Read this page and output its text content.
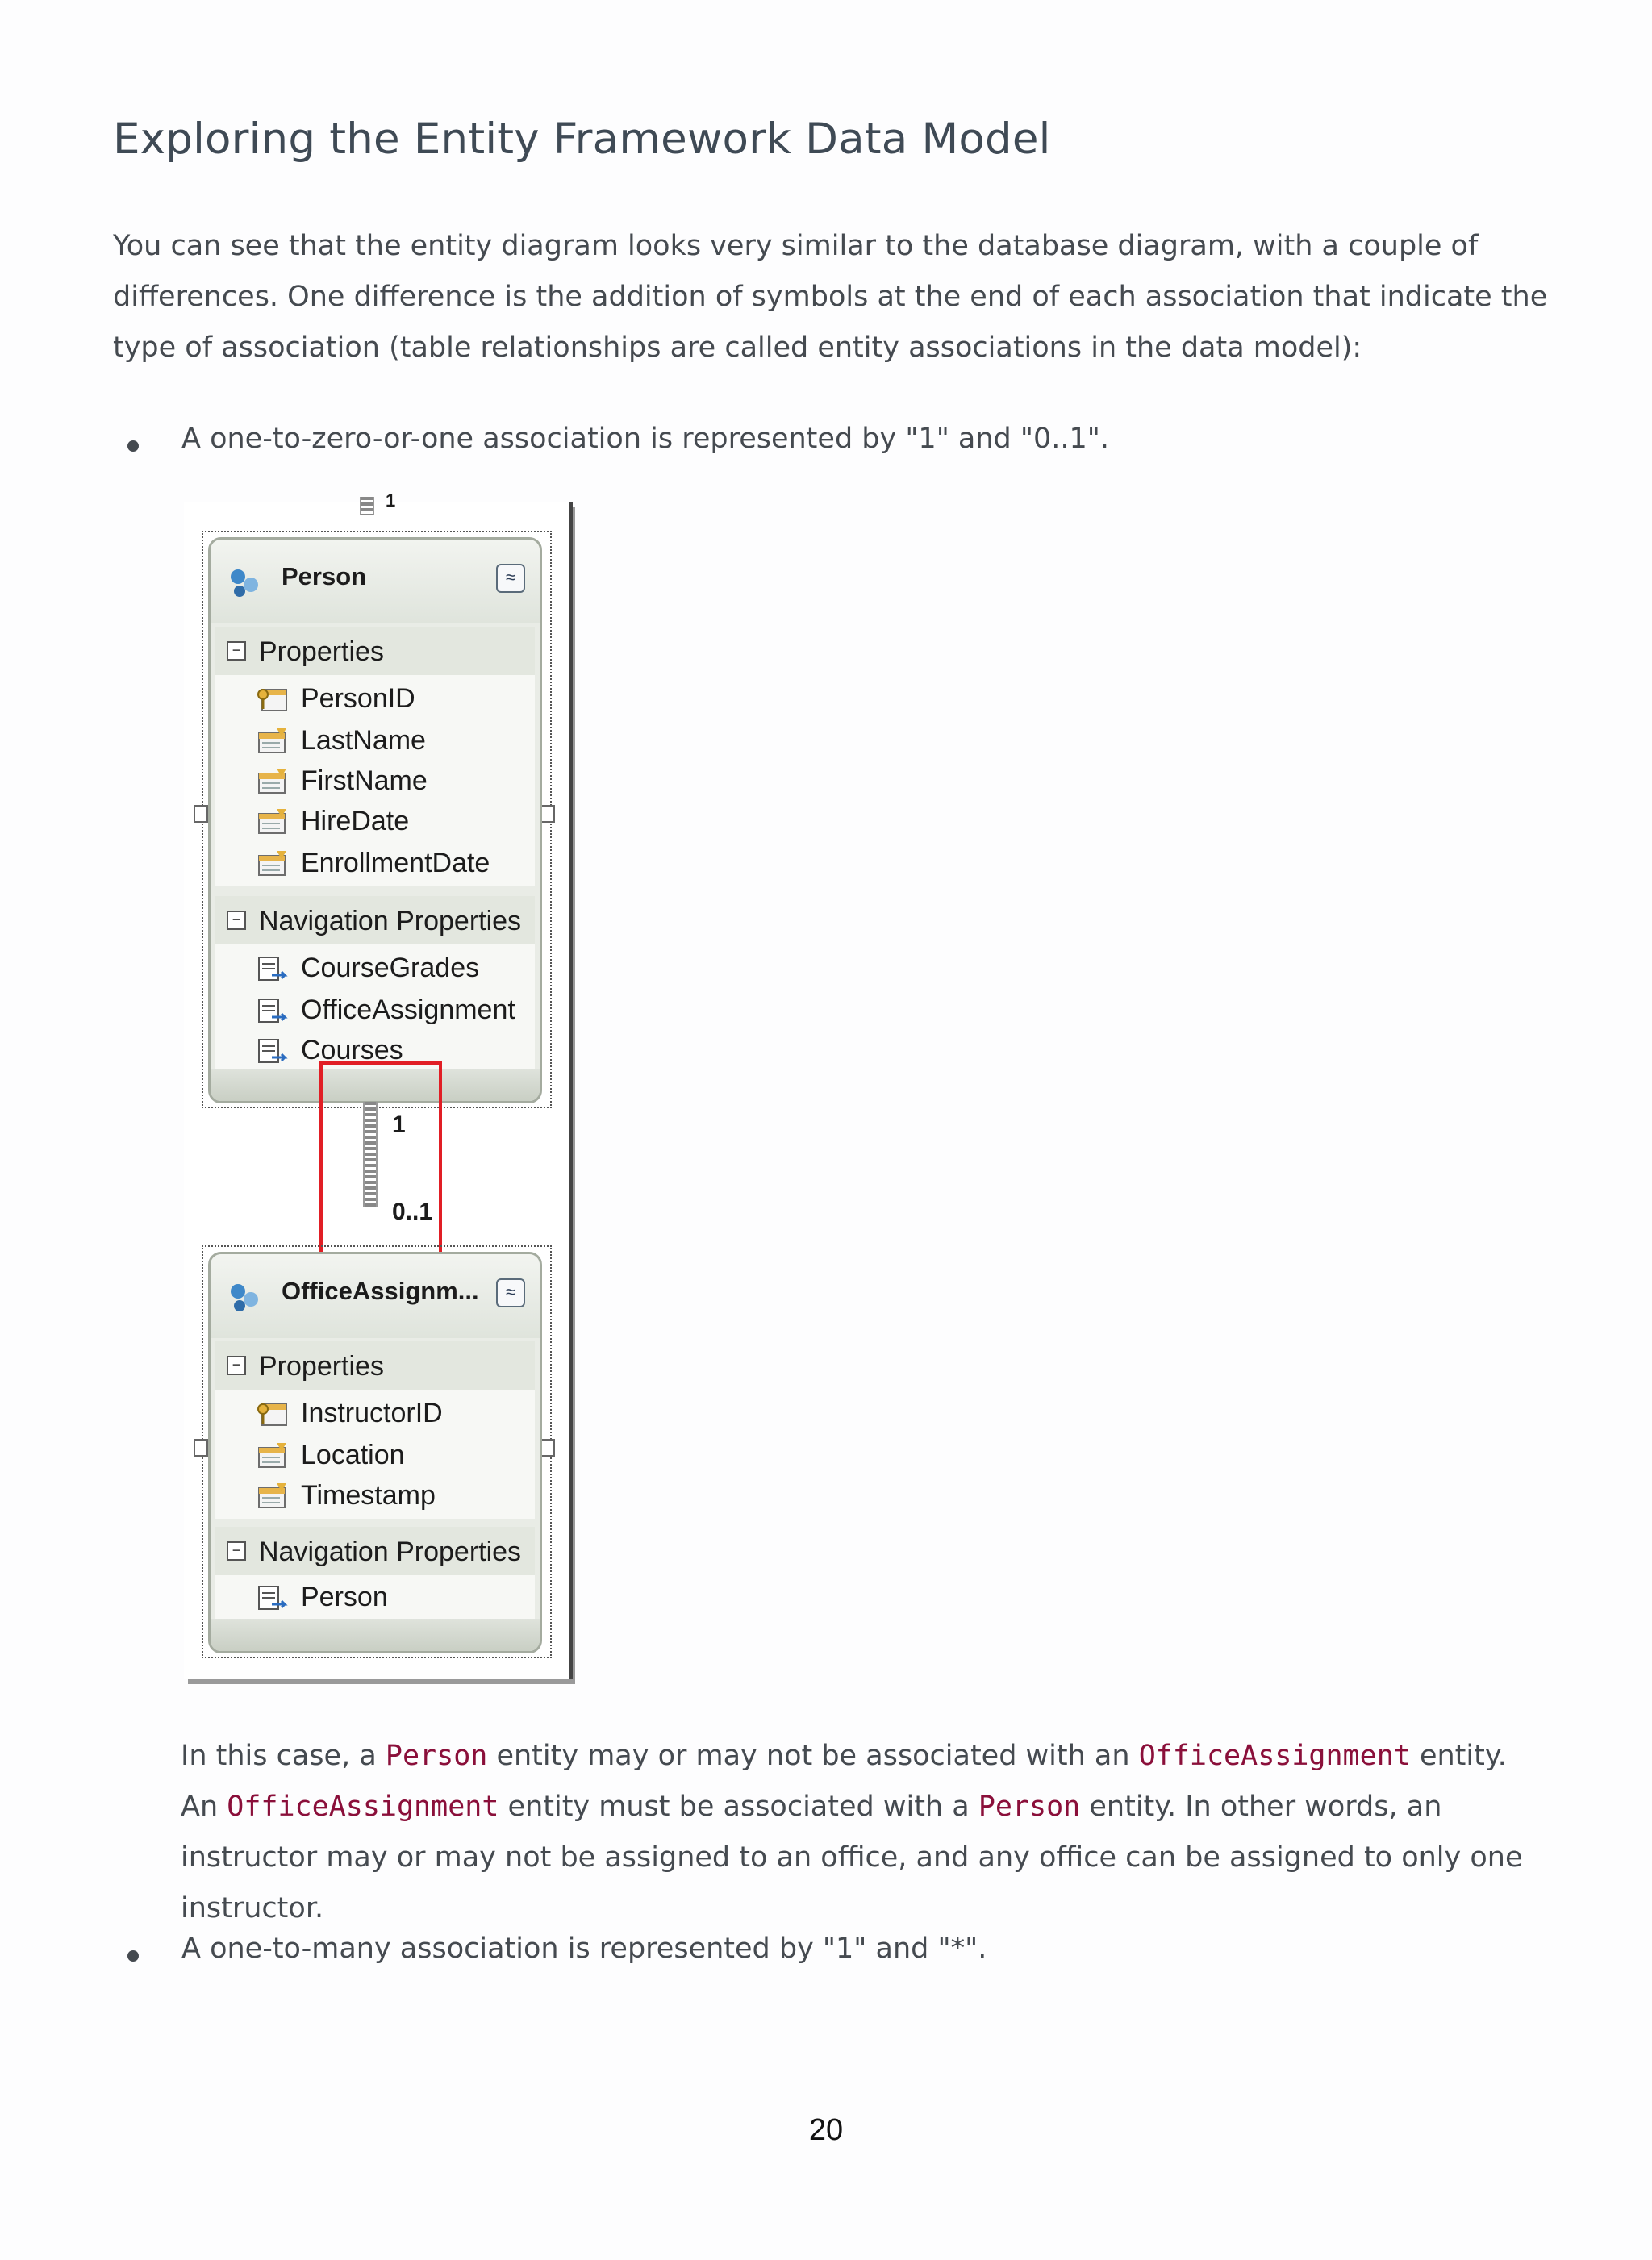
Exploring the Entity Framework Data Model

You can see that the entity diagram looks very similar to the database diagram, with a couple of differences. One difference is the addition of symbols at the end of each association that indicate the type of association (table relationships are called entity associations in the data model):

A one-to-zero-or-one association is represented by "1" and "0..1".
1
Person	≈
− Properties
PersonID
LastName
FirstName
HireDate
EnrollmentDate
− Navigation Properties
CourseGrades
OfficeAssignment
Courses
1
0..1
OfficeAssignm...	≈
− Properties
InstructorID
Location
Timestamp
− Navigation Properties
Person

In this case, a Person entity may or may not be associated with an OfficeAssignment entity. An OfficeAssignment entity must be associated with a Person entity. In other words, an instructor may or may not be assigned to an office, and any office can be assigned to only one instructor.

A one-to-many association is represented by "1" and "*".
20
